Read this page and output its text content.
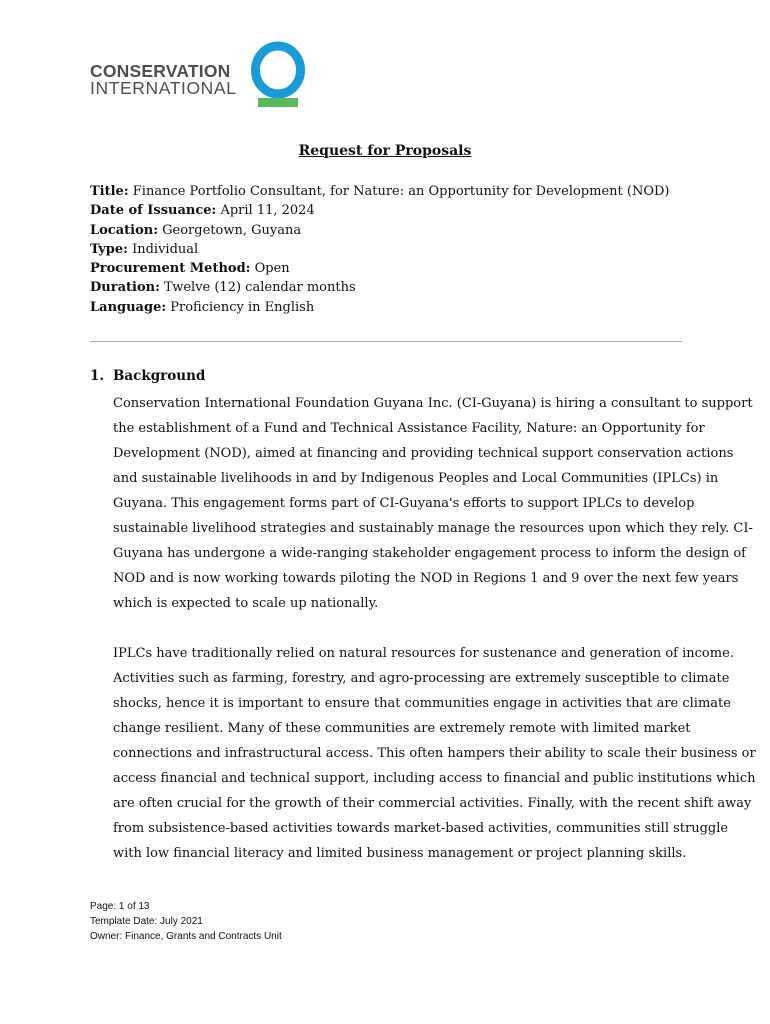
CONSERVATION
INTERNATIONAL
Request for Proposals
Title: Finance Portfolio Consultant, for Nature: an Opportunity for Development (NOD)
Date of Issuance: April 11, 2024
Location: Georgetown, Guyana
Type: Individual
Procurement Method: Open
Duration: Twelve (12) calendar months
Language: Proficiency in English
1. Background
Conservation International Foundation Guyana Inc. (CI-Guyana) is hiring a consultant to support
the establishment of a Fund and Technical Assistance Facility, Nature: an Opportunity for
Development (NOD), aimed at financing and providing technical support conservation actions
and sustainable livelihoods in and by Indigenous Peoples and Local Communities (IPLCs) in
Guyana. This engagement forms part of CI-Guyana's efforts to support IPLCs to develop
sustainable livelihood strategies and sustainably manage the resources upon which they rely. CI-
Guyana has undergone a wide-ranging stakeholder engagement process to inform the design of
NOD and is now working towards piloting the NOD in Regions 1 and 9 over the next few years
which is expected to scale up nationally.
IPLCs have traditionally relied on natural resources for sustenance and generation of income.
Activities such as farming, forestry, and agro-processing are extremely susceptible to climate
shocks, hence it is important to ensure that communities engage in activities that are climate
change resilient. Many of these communities are extremely remote with limited market
connections and infrastructural access. This often hampers their ability to scale their business or
access financial and technical support, including access to financial and public institutions which
are often crucial for the growth of their commercial activities. Finally, with the recent shift away
from subsistence-based activities towards market-based activities, communities still struggle
with low financial literacy and limited business management or project planning skills.
Page: 1 of 13
Template Date: July 2021
Owner: Finance, Grants and Contracts Unit
